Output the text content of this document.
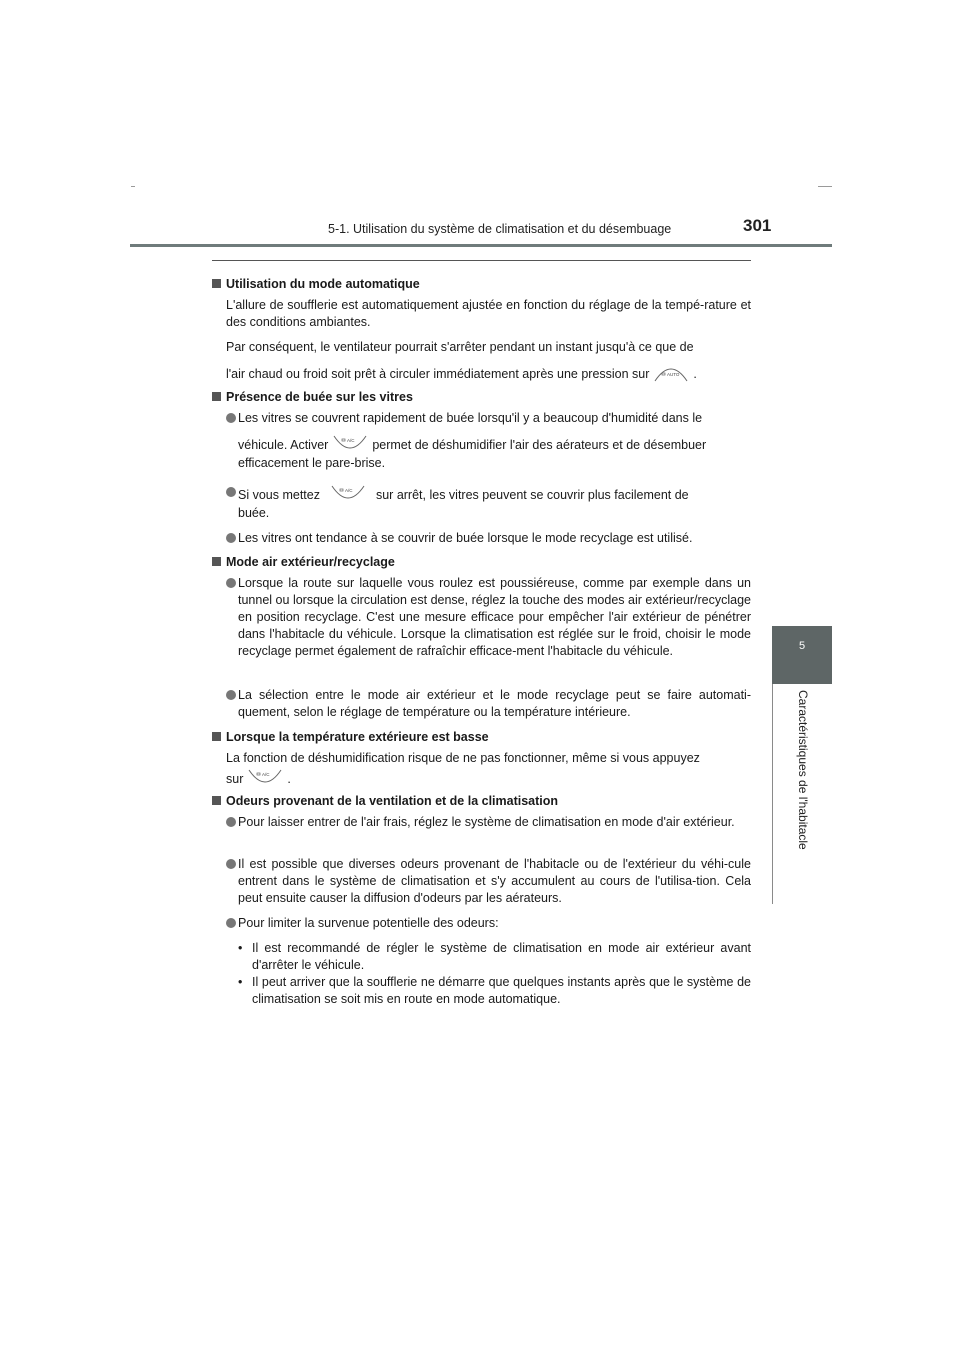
5-1. Utilisation du système de climatisation et du désembuage	301
5
Caractéristiques de l'habitacle
Utilisation du mode automatique
L'allure de soufflerie est automatiquement ajustée en fonction du réglage de la tempé-rature et des conditions ambiantes.
Par conséquent, le ventilateur pourrait s'arrêter pendant un instant jusqu'à ce que de
l'air chaud ou froid soit prêt à circuler immédiatement après une pression sur	AUTO .
Présence de buée sur les vitres
Les vitres se couvrent rapidement de buée lorsqu'il y a beaucoup d'humidité dans le
véhicule. Activer	A/C permet de déshumidifier l'air des aérateurs et de désembuer
efficacement le pare-brise.
Si vous mettez	A/C sur arrêt, les vitres peuvent se couvrir plus facilement de
buée.
Les vitres ont tendance à se couvrir de buée lorsque le mode recyclage est utilisé.
Mode air extérieur/recyclage
Lorsque la route sur laquelle vous roulez est poussiéreuse, comme par exemple dans un tunnel ou lorsque la circulation est dense, réglez la touche des modes air extérieur/recyclage en position recyclage. C'est une mesure efficace pour empêcher l'air extérieur de pénétrer dans l'habitacle du véhicule. Lorsque la climatisation est réglée sur le froid, choisir le mode recyclage permet également de rafraîchir efficace-ment l'habitacle du véhicule.
La sélection entre le mode air extérieur et le mode recyclage peut se faire automati-quement, selon le réglage de température ou la température intérieure.
Lorsque la température extérieure est basse
La fonction de déshumidification risque de ne pas fonctionner, même si vous appuyez
sur	A/C .
Odeurs provenant de la ventilation et de la climatisation
Pour laisser entrer de l'air frais, réglez le système de climatisation en mode d'air extérieur.
Il est possible que diverses odeurs provenant de l'habitacle ou de l'extérieur du véhi-cule entrent dans le système de climatisation et s'y accumulent au cours de l'utilisa-tion. Cela peut ensuite causer la diffusion d'odeurs par les aérateurs.
Pour limiter la survenue potentielle des odeurs:
• Il est recommandé de régler le système de climatisation en mode air extérieur avant d'arrêter le véhicule.
• Il peut arriver que la soufflerie ne démarre que quelques instants après que le système de climatisation se soit mis en route en mode automatique.
